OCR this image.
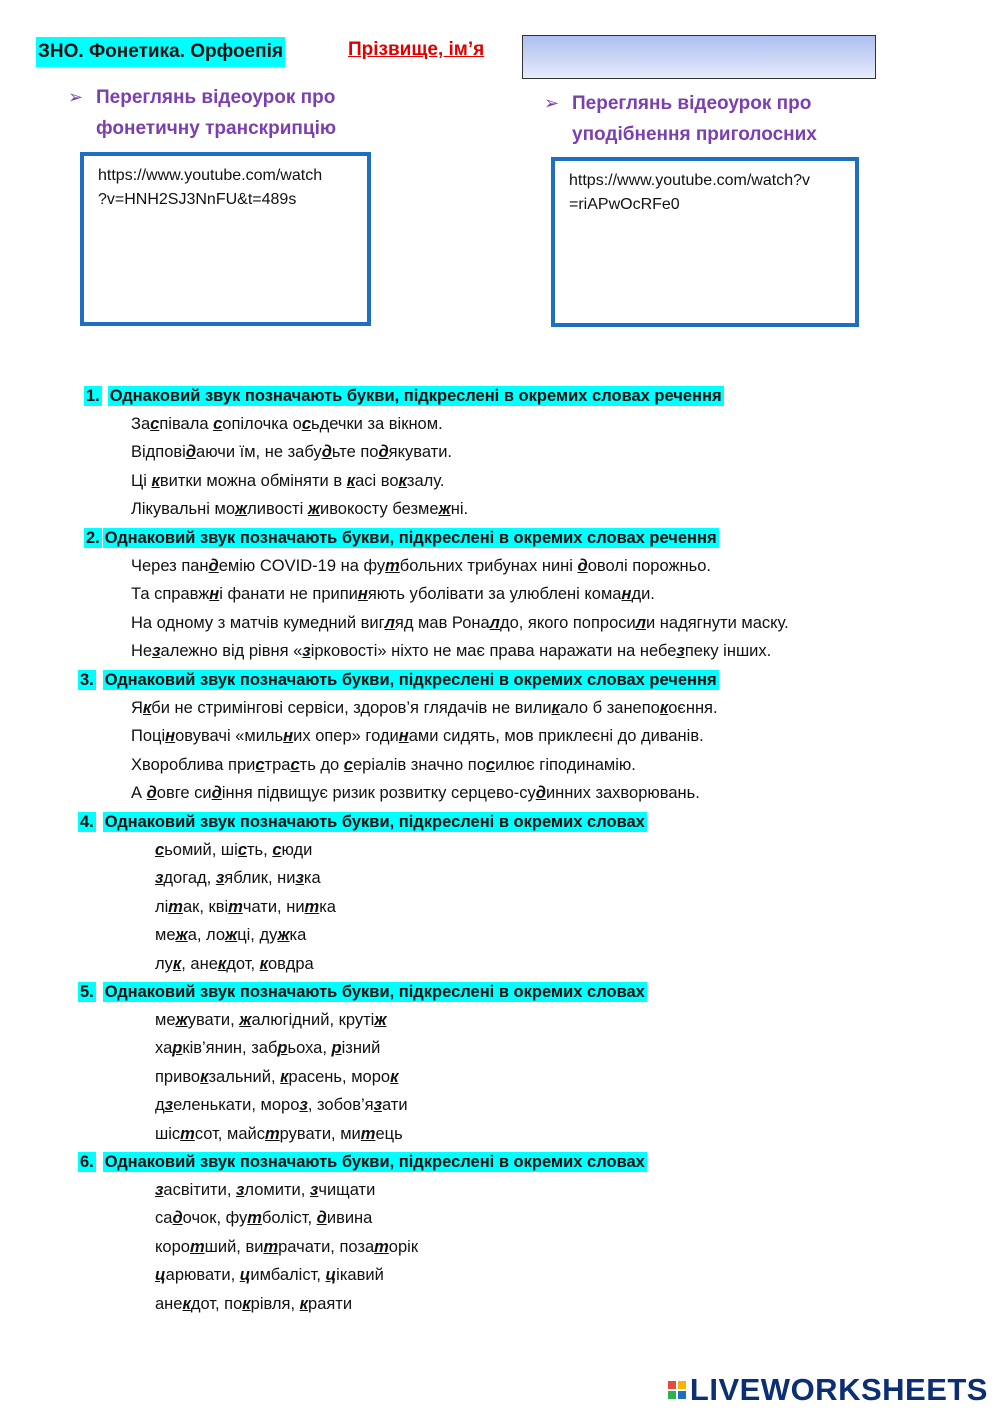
ЗНО. Фонетика. Орфоепія	Прізвище, ім’я
➢ Переглянь відеоурок про
фонетичну транскрипцію
https://www.youtube.com/watch
?v=HNH2SJ3NnFU&t=489s
➢ Переглянь відеоурок про
уподібнення приголосних
https://www.youtube.com/watch?v
=riAPwOcRFe0
1. Однаковий звук позначають букви, підкреслені в окремих словах речення
Заспівала сопілочка осьдечки за вікном.
Відповідаючи їм, не забудьте подякувати.
Ці квитки можна обміняти в касі вокзалу.
Лікувальні можливості живокосту безмежні.
2. Однаковий звук позначають букви, підкреслені в окремих словах речення
Через пандемію COVID-19 на футбольних трибунах нині доволі порожньо.
Та справжні фанати не припиняють уболівати за улюблені команди.
На одному з матчів кумедний вигляд мав Роналдо, якого попросили надягнути маску.
Незалежно від рівня «зірковості» ніхто не має права наражати на небезпеку інших.
3. Однаковий звук позначають букви, підкреслені в окремих словах речення
Якби не стримінгові сервіси, здоров’я глядачів не виликало б занепокоєння.
Поціновувачі «мильних опер» годинами сидять, мов приклеєні до диванів.
Хвороблива пристрасть до серіалів значно посилює гіподинамію.
А довге сидіння підвищує ризик розвитку серцево-судинних захворювань.
4. Однаковий звук позначають букви, підкреслені в окремих словах
сьомий, шість, сюди
здогад, зяблик, низка
літак, квітчати, нитка
межа, ложці, дужка
лук, анекдот, ковдра
5. Однаковий звук позначають букви, підкреслені в окремих словах
межувати, жалюгідний, крутiж
харків’янин, забрьоха, різний
привокзальний, красень, морок
дзеленькати, мороз, зобов’язати
шістсот, майструвати, митець
6. Однаковий звук позначають букви, підкреслені в окремих словах
засвітити, зломити, зчищати
садочок, футболiст, дивина
коротший, витрачати, позаторік
царювати, цимбаліст, цікавий
анекдот, покрівля, краяти
LIVEWORKSHEETS
